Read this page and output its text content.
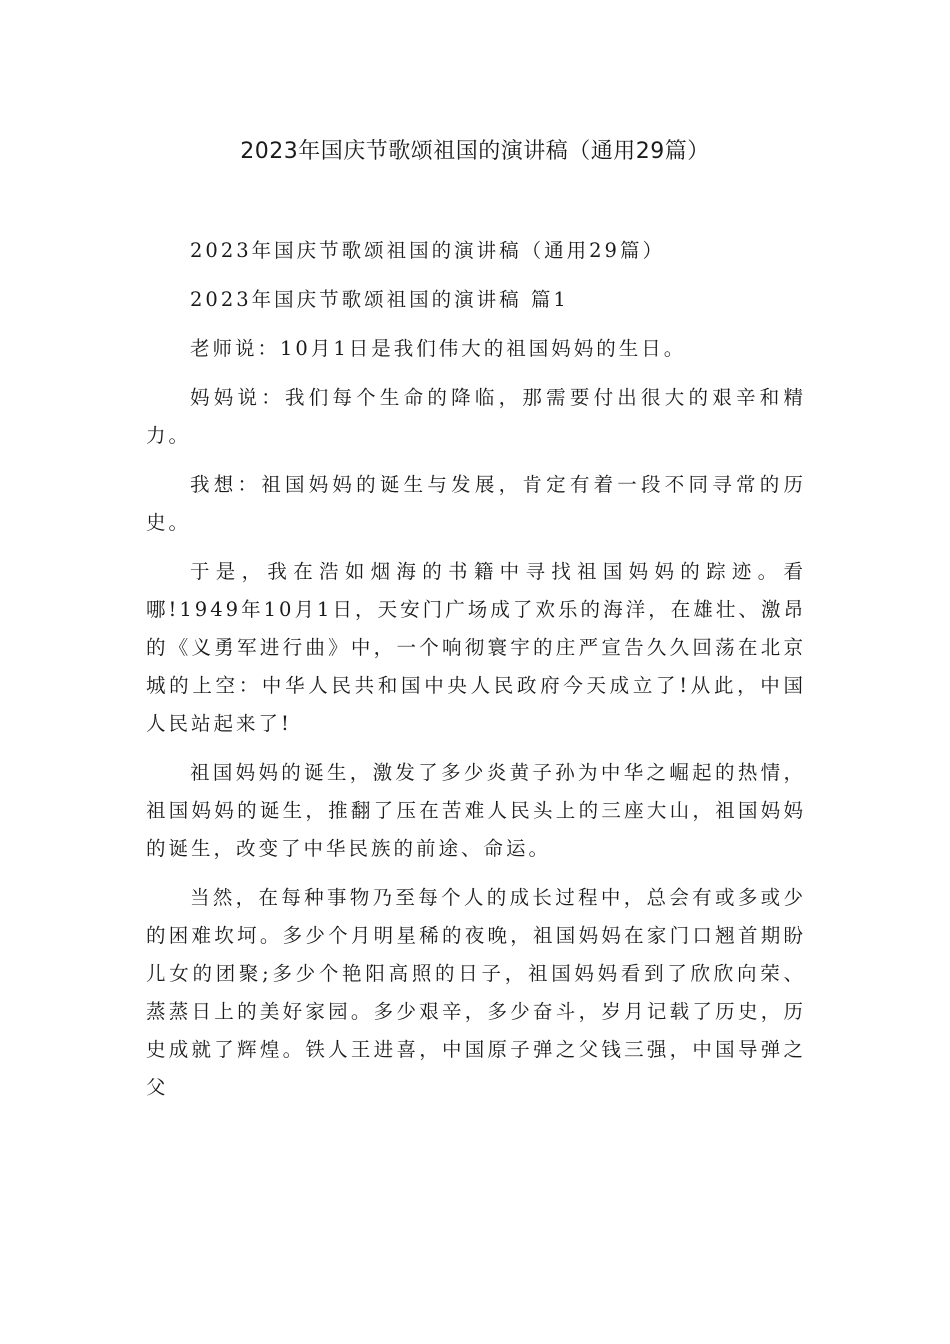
2023年国庆节歌颂祖国的演讲稿（通用29篇）

2023年国庆节歌颂祖国的演讲稿（通用29篇）

2023年国庆节歌颂祖国的演讲稿 篇1

老师说：10月1日是我们伟大的祖国妈妈的生日。

妈妈说：我们每个生命的降临，那需要付出很大的艰辛和精力。

我想：祖国妈妈的诞生与发展，肯定有着一段不同寻常的历史。

于是，我在浩如烟海的书籍中寻找祖国妈妈的踪迹。看哪!1949年10月1日，天安门广场成了欢乐的海洋，在雄壮、激昂的《义勇军进行曲》中，一个响彻寰宇的庄严宣告久久回荡在北京城的上空：中华人民共和国中央人民政府今天成立了!从此，中国人民站起来了!

祖国妈妈的诞生，激发了多少炎黄子孙为中华之崛起的热情，祖国妈妈的诞生，推翻了压在苦难人民头上的三座大山，祖国妈妈的诞生，改变了中华民族的前途、命运。

当然，在每种事物乃至每个人的成长过程中，总会有或多或少的困难坎坷。多少个月明星稀的夜晚，祖国妈妈在家门口翘首期盼儿女的团聚;多少个艳阳高照的日子，祖国妈妈看到了欣欣向荣、蒸蒸日上的美好家园。多少艰辛，多少奋斗，岁月记载了历史，历史成就了辉煌。铁人王进喜，中国原子弹之父钱三强，中国导弹之父
